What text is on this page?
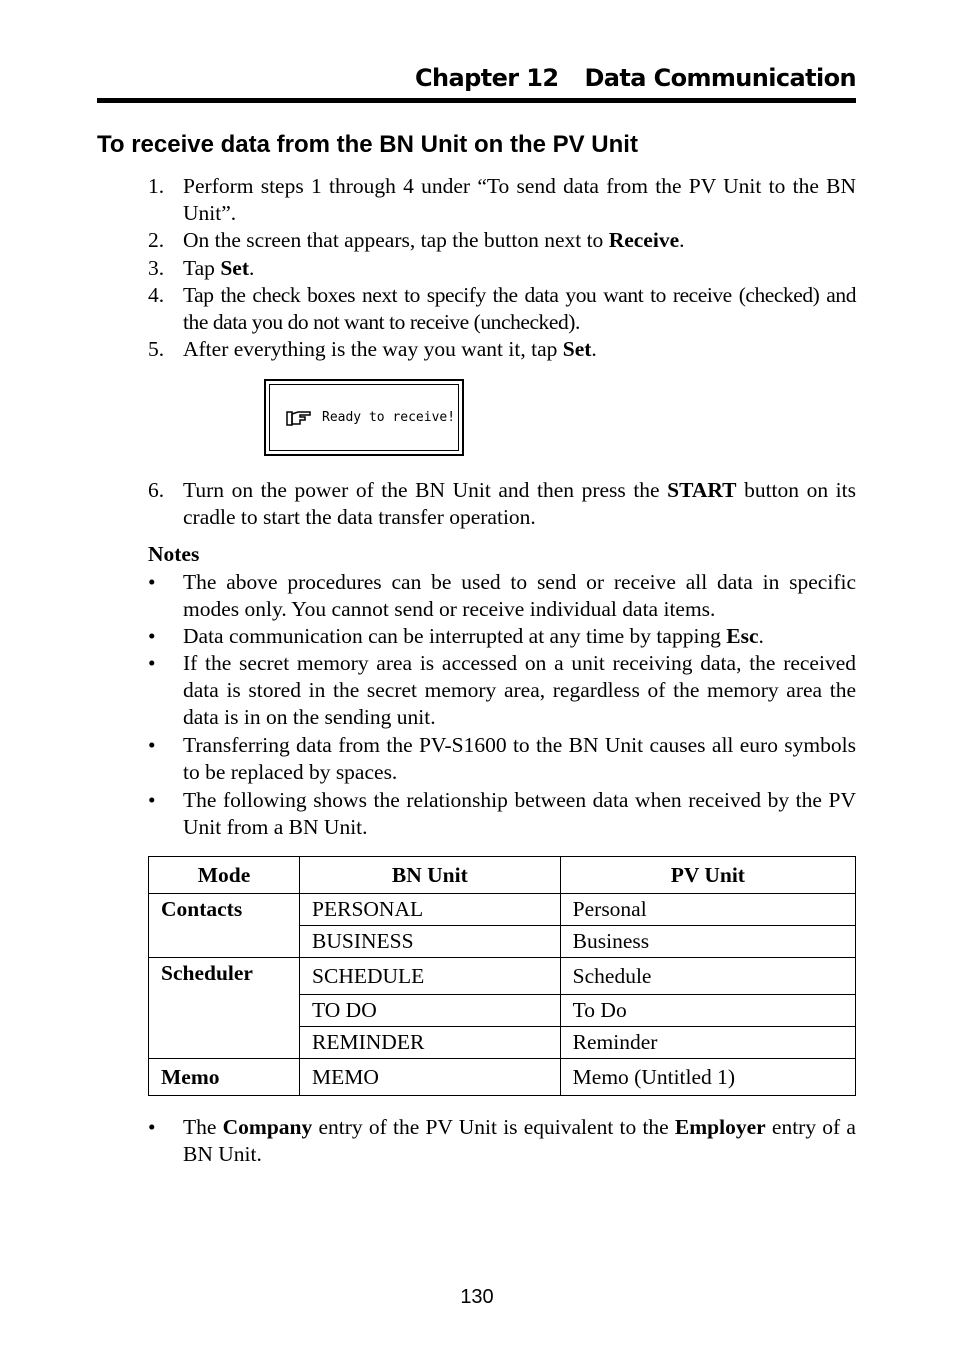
Chapter 12 Data Communication
To receive data from the BN Unit on the PV Unit
1. Perform steps 1 through 4 under “To send data from the PV Unit to the BN Unit”.
2. On the screen that appears, tap the button next to Receive.
3. Tap Set.
4. Tap the check boxes next to specify the data you want to receive (checked) and the data you do not want to receive (unchecked).
5. After everything is the way you want it, tap Set.
Ready to receive!
6. Turn on the power of the BN Unit and then press the START button on its cradle to start the data transfer operation.
Notes
• The above procedures can be used to send or receive all data in specific modes only. You cannot send or receive individual data items.
• Data communication can be interrupted at any time by tapping Esc.
• If the secret memory area is accessed on a unit receiving data, the received data is stored in the secret memory area, regardless of the memory area the data is in on the sending unit.
• Transferring data from the PV-S1600 to the BN Unit causes all euro symbols to be replaced by spaces.
• The following shows the relationship between data when received by the PV Unit from a BN Unit.
Mode	BN Unit	PV Unit
Contacts	PERSONAL	Personal
	BUSINESS	Business
Scheduler	SCHEDULE	Schedule
	TO DO	To Do
	REMINDER	Reminder
Memo	MEMO	Memo (Untitled 1)
• The Company entry of the PV Unit is equivalent to the Employer entry of a BN Unit.
130
